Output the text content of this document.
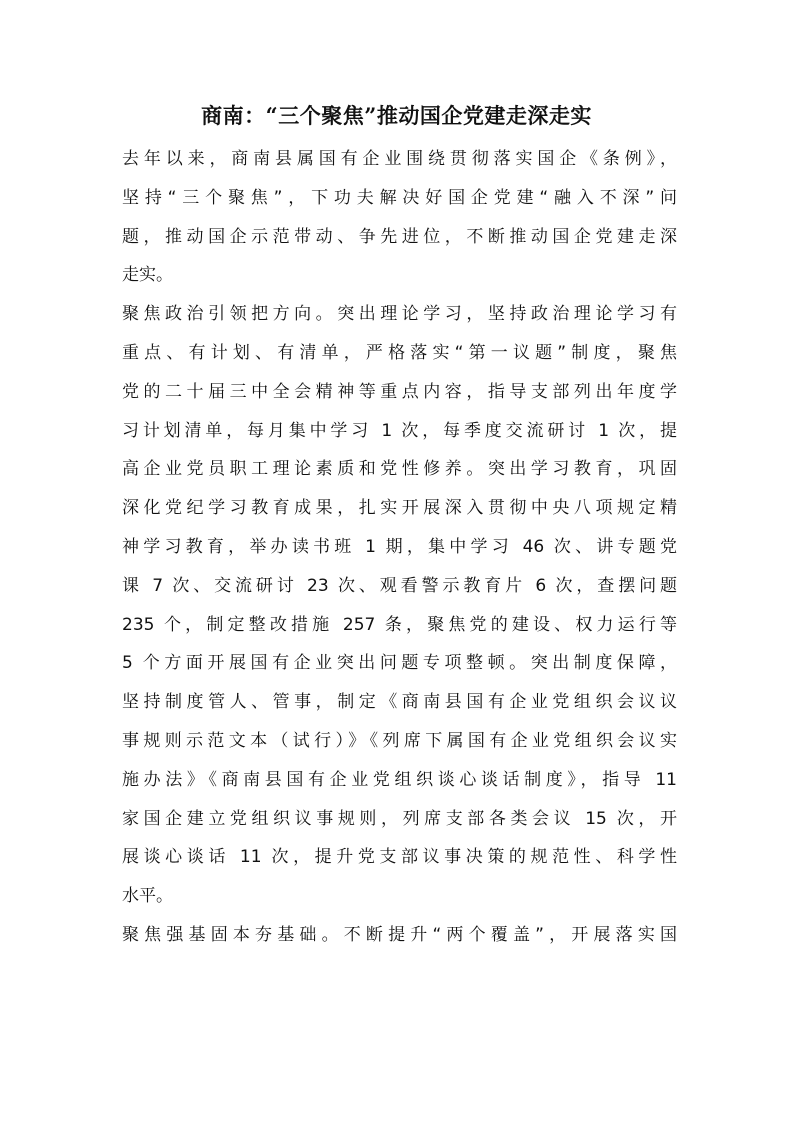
商南：“三个聚焦”推动国企党建走深走实
去年以来，商南县属国有企业围绕贯彻落实国企《条例》，
坚持“三个聚焦”，下功夫解决好国企党建“融入不深”问
题，推动国企示范带动、争先进位，不断推动国企党建走深
走实。
聚焦政治引领把方向。突出理论学习，坚持政治理论学习有
重点、有计划、有清单，严格落实“第一议题”制度，聚焦
党的二十届三中全会精神等重点内容，指导支部列出年度学
习计划清单，每月集中学习 1 次，每季度交流研讨 1 次，提
高企业党员职工理论素质和党性修养。突出学习教育，巩固
深化党纪学习教育成果，扎实开展深入贯彻中央八项规定精
神学习教育，举办读书班 1 期，集中学习 46 次、讲专题党
课 7 次、交流研讨 23 次、观看警示教育片 6 次，查摆问题
235 个，制定整改措施 257 条，聚焦党的建设、权力运行等
5 个方面开展国有企业突出问题专项整顿。突出制度保障，
坚持制度管人、管事，制定《商南县国有企业党组织会议议
事规则示范文本（试行）》《列席下属国有企业党组织会议实
施办法》《商南县国有企业党组织谈心谈话制度》，指导 11
家国企建立党组织议事规则，列席支部各类会议 15 次，开
展谈心谈话 11 次，提升党支部议事决策的规范性、科学性
水平。
聚焦强基固本夯基础。不断提升“两个覆盖”，开展落实国
